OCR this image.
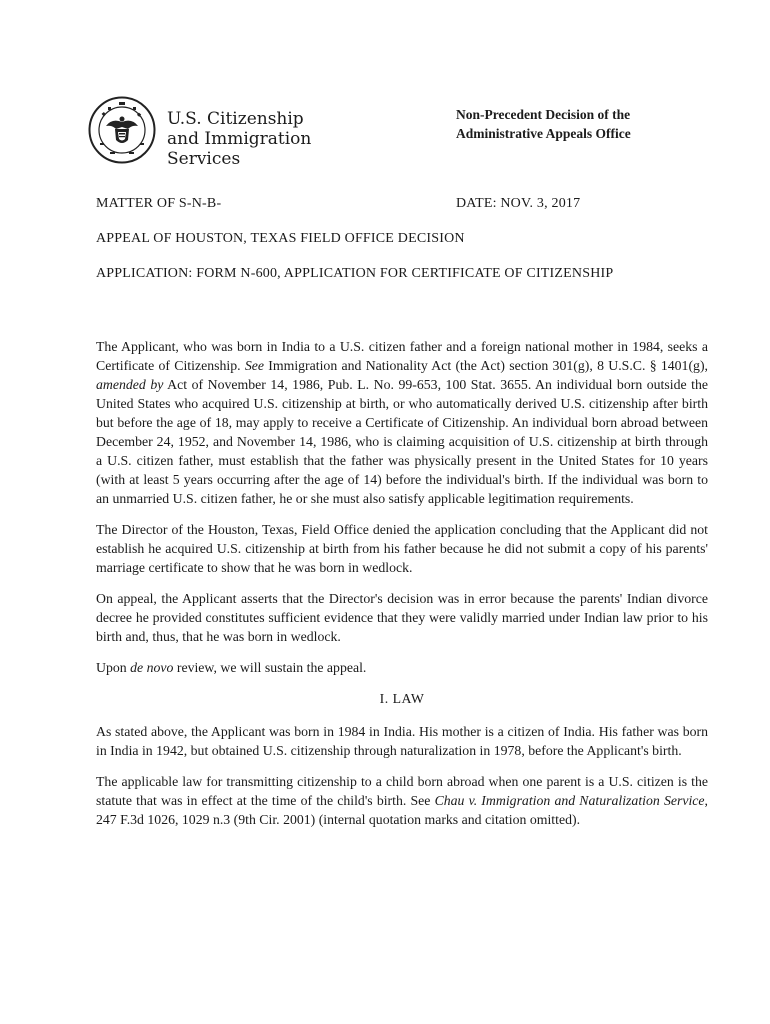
U.S. Citizenship
and Immigration
Services
Non-Precedent Decision of the
Administrative Appeals Office
MATTER OF S-N-B-	DATE: NOV. 3, 2017
APPEAL OF HOUSTON, TEXAS FIELD OFFICE DECISION
APPLICATION: FORM N-600, APPLICATION FOR CERTIFICATE OF CITIZENSHIP

The Applicant, who was born in India to a U.S. citizen father and a foreign national mother in 1984, seeks a Certificate of Citizenship. See Immigration and Nationality Act (the Act) section 301(g), 8 U.S.C. § 1401(g), amended by Act of November 14, 1986, Pub. L. No. 99-653, 100 Stat. 3655. An individual born outside the United States who acquired U.S. citizenship at birth, or who automatically derived U.S. citizenship after birth but before the age of 18, may apply to receive a Certificate of Citizenship. An individual born abroad between December 24, 1952, and November 14, 1986, who is claiming acquisition of U.S. citizenship at birth through a U.S. citizen father, must establish that the father was physically present in the United States for 10 years (with at least 5 years occurring after the age of 14) before the individual's birth. If the individual was born to an unmarried U.S. citizen father, he or she must also satisfy applicable legitimation requirements.

The Director of the Houston, Texas, Field Office denied the application concluding that the Applicant did not establish he acquired U.S. citizenship at birth from his father because he did not submit a copy of his parents' marriage certificate to show that he was born in wedlock.

On appeal, the Applicant asserts that the Director's decision was in error because the parents' Indian divorce decree he provided constitutes sufficient evidence that they were validly married under Indian law prior to his birth and, thus, that he was born in wedlock.

Upon de novo review, we will sustain the appeal.

I. LAW

As stated above, the Applicant was born in 1984 in India. His mother is a citizen of India. His father was born in India in 1942, but obtained U.S. citizenship through naturalization in 1978, before the Applicant's birth.

The applicable law for transmitting citizenship to a child born abroad when one parent is a U.S. citizen is the statute that was in effect at the time of the child's birth. See Chau v. Immigration and Naturalization Service, 247 F.3d 1026, 1029 n.3 (9th Cir. 2001) (internal quotation marks and citation omitted).
